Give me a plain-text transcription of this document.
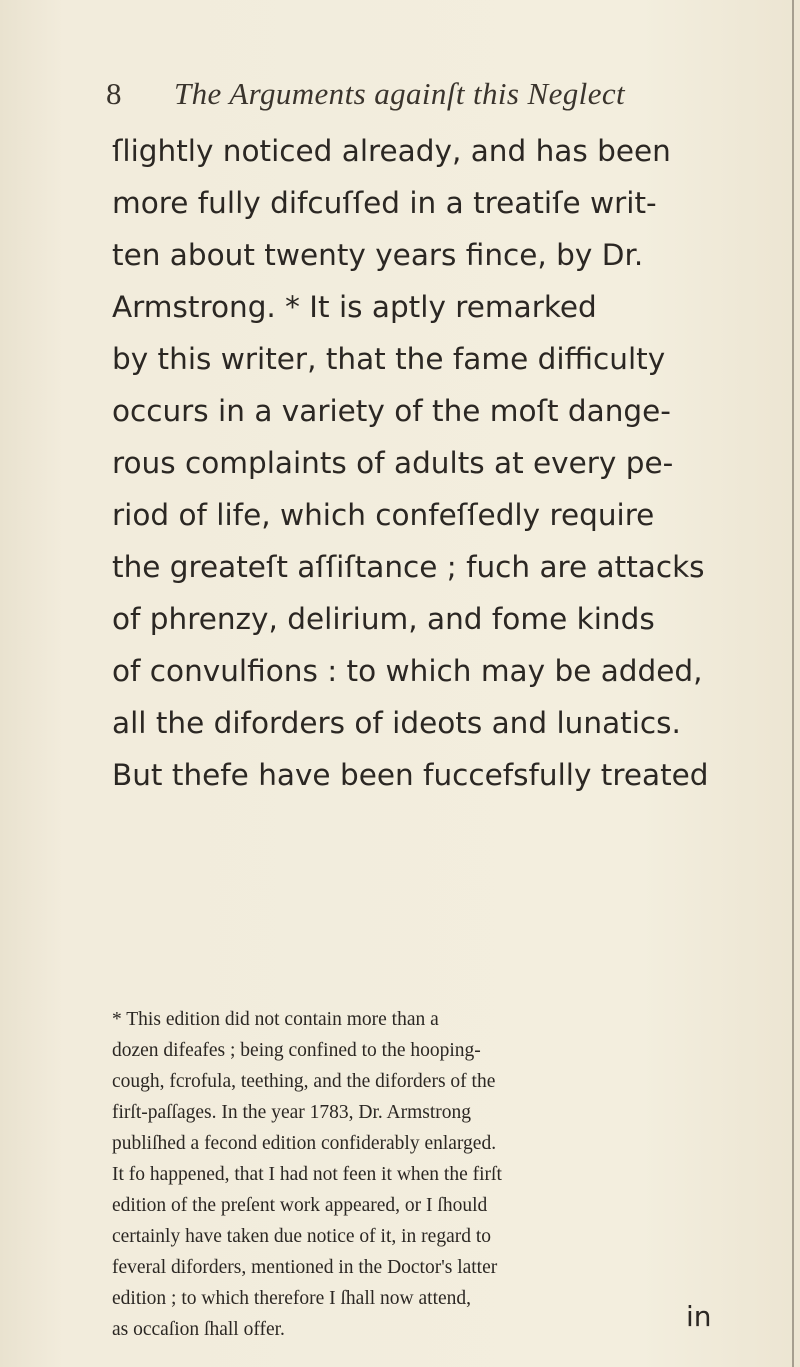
8 The Arguments againſt this Neglect
ſlightly noticed already, and has been
more fully difcuſſed in a treatiſe writ-
ten about twenty years fince, by Dr.
Armstrong. * It is aptly remarked
by this writer, that the fame difficulty
occurs in a variety of the moſt dange-
rous complaints of adults at every pe-
riod of life, which confeſſedly require
the greateſt aſſiſtance ; fuch are attacks
of phrenzy, delirium, and fome kinds
of convulfions : to which may be added,
all the diforders of ideots and lunatics.
But thefe have been fuccefsfully treated
* This edition did not contain more than a
dozen difeafes ; being confined to the hooping-
cough, fcrofula, teething, and the diforders of the
firſt-paſſages. In the year 1783, Dr. Armstrong
publiſhed a fecond edition confiderably enlarged.
It fo happened, that I had not feen it when the firſt
edition of the preſent work appeared, or I ſhould
certainly have taken due notice of it, in regard to
feveral diforders, mentioned in the Doctor's latter
edition ; to which therefore I ſhall now attend,
as occaſion ſhall offer.	in
